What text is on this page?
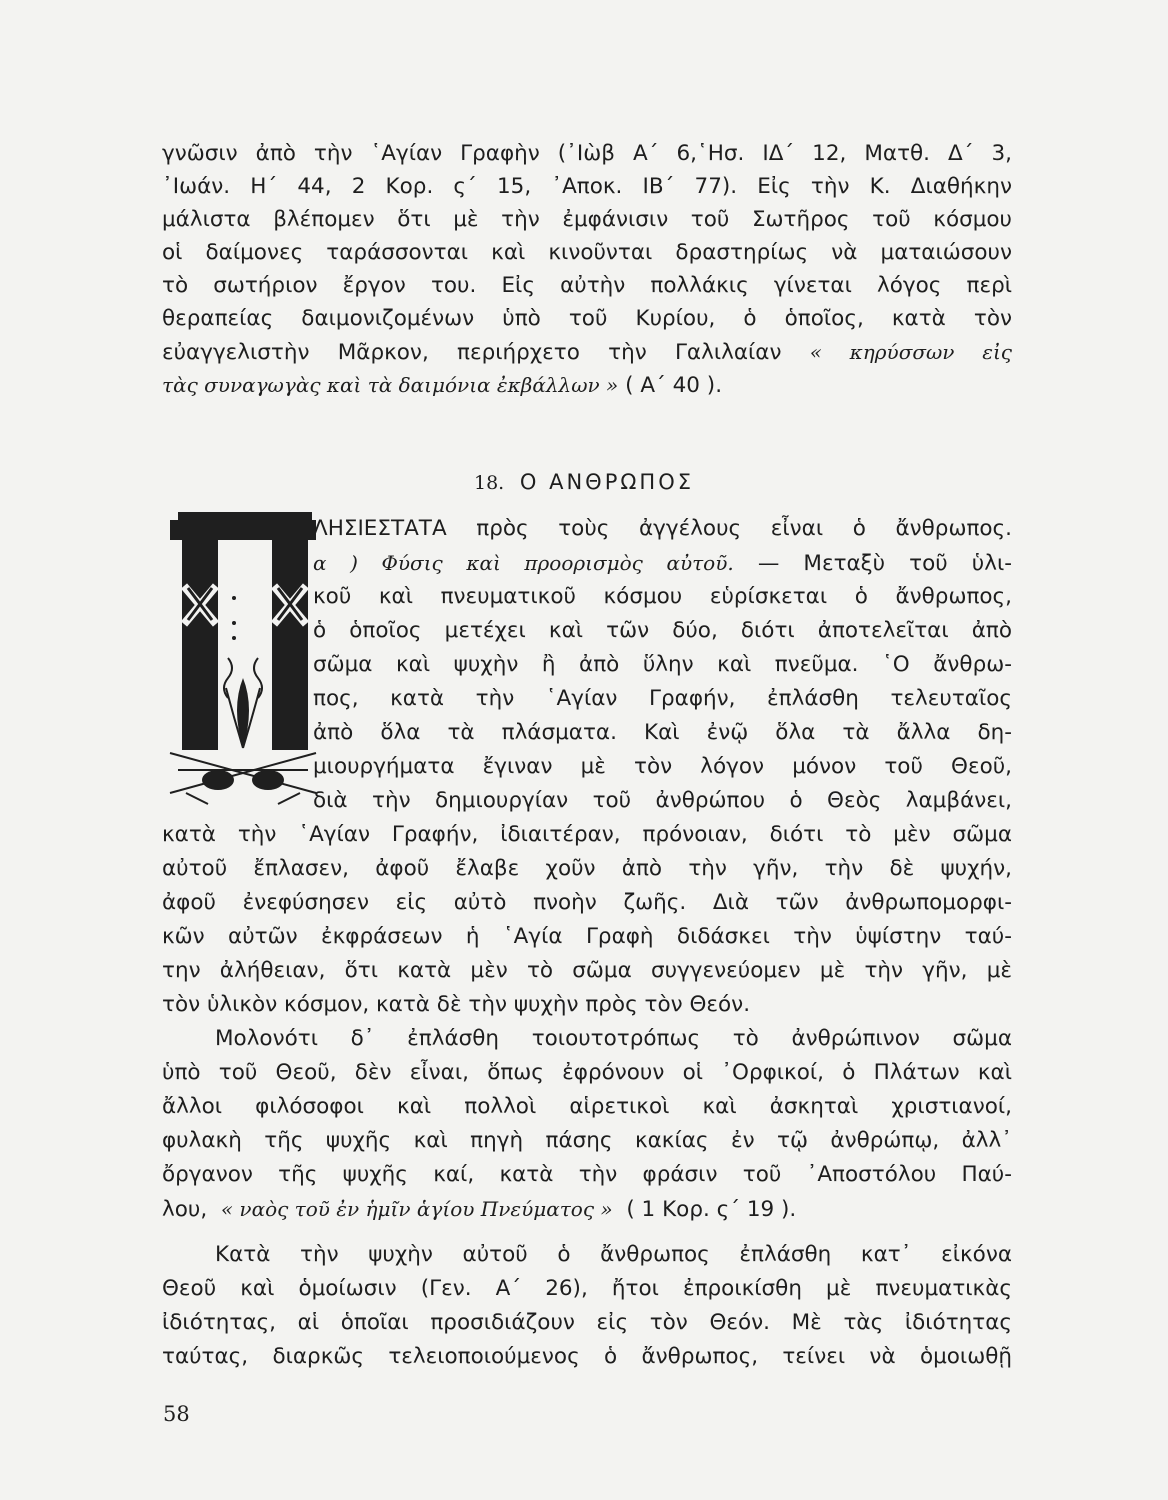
γνῶσιν ἀπὸ τὴν ῾Αγίαν Γραφὴν (᾿Ιὼβ Α΄ 6,῾Ησ. ΙΔ΄ 12, Ματθ. Δ΄ 3,
᾿Ιωάν. Η΄ 44, 2 Κορ. ς΄ 15, ᾿Αποκ. ΙΒ΄ 77). Εἰς τὴν Κ. Διαθήκην
μάλιστα βλέπομεν ὅτι μὲ τὴν ἐμφάνισιν τοῦ Σωτῆρος τοῦ κόσμου
οἱ δαίμονες ταράσσονται καὶ κινοῦνται δραστηρίως νὰ ματαιώσουν
τὸ σωτήριον ἔργον του. Εἰς αὐτὴν πολλάκις γίνεται λόγος περὶ
θεραπείας δαιμονιζομένων ὑπὸ τοῦ Κυρίου, ὁ ὁποῖος, κατὰ τὸν
εὐαγγελιστὴν Μᾶρκον, περιήρχετο τὴν Γαλιλαίαν « κηρύσσων εἰς
τὰς συναγωγὰς καὶ τὰ δαιμόνια ἐκβάλλων » ( Α΄ 40 ).
18. Ο ΑΝΘΡΩΠΟΣ
ΛΗΣΙΕΣΤΑΤΑ πρὸς τοὺς ἀγγέλους εἶναι ὁ ἄνθρωπος.
α ) Φύσις καὶ προορισμὸς αὐτοῦ. — Μεταξὺ τοῦ ὑλι-
κοῦ καὶ πνευματικοῦ κόσμου εὑρίσκεται ὁ ἄνθρωπος,
ὁ ὁποῖος μετέχει καὶ τῶν δύο, διότι ἀποτελεῖται ἀπὸ
σῶμα καὶ ψυχὴν ἢ ἀπὸ ὕλην καὶ πνεῦμα. ῾Ο ἄνθρω-
πος, κατὰ τὴν ῾Αγίαν Γραφήν, ἐπλάσθη τελευταῖος
ἀπὸ ὅλα τὰ πλάσματα. Καὶ ἐνῷ ὅλα τὰ ἄλλα δη-
μιουργήματα ἔγιναν μὲ τὸν λόγον μόνον τοῦ Θεοῦ,
διὰ τὴν δημιουργίαν τοῦ ἀνθρώπου ὁ Θεὸς λαμβάνει,
κατὰ τὴν ῾Αγίαν Γραφήν, ἰδιαιτέραν, πρόνοιαν, διότι τὸ μὲν σῶμα
αὐτοῦ ἔπλασεν, ἀφοῦ ἔλαβε χοῦν ἀπὸ τὴν γῆν, τὴν δὲ ψυχήν,
ἀφοῦ ἐνεφύσησεν εἰς αὐτὸ πνοὴν ζωῆς. Διὰ τῶν ἀνθρωπομορφι-
κῶν αὐτῶν ἐκφράσεων ἡ ῾Αγία Γραφὴ διδάσκει τὴν ὑψίστην ταύ-
την ἀλήθειαν, ὅτι κατὰ μὲν τὸ σῶμα συγγενεύομεν μὲ τὴν γῆν, μὲ
τὸν ὑλικὸν κόσμον, κατὰ δὲ τὴν ψυχὴν πρὸς τὸν Θεόν.
Μολονότι δ᾿ ἐπλάσθη τοιουτοτρόπως τὸ ἀνθρώπινον σῶμα
ὑπὸ τοῦ Θεοῦ, δὲν εἶναι, ὅπως ἐφρόνουν οἱ ᾿Ορφικοί, ὁ Πλάτων καὶ
ἄλλοι φιλόσοφοι καὶ πολλοὶ αἱρετικοὶ καὶ ἀσκηταὶ χριστιανοί,
φυλακὴ τῆς ψυχῆς καὶ πηγὴ πάσης κακίας ἐν τῷ ἀνθρώπῳ, ἀλλ᾿
ὄργανον τῆς ψυχῆς καί, κατὰ τὴν φράσιν τοῦ ᾿Αποστόλου Παύ-
λου, « ναὸς τοῦ ἐν ἡμῖν ἁγίου Πνεύματος » ( 1 Κορ. ς΄ 19 ).
Κατὰ τὴν ψυχὴν αὐτοῦ ὁ ἄνθρωπος ἐπλάσθη κατ᾿ εἰκόνα
Θεοῦ καὶ ὁμοίωσιν (Γεν. Α΄ 26), ἤτοι ἐπροικίσθη μὲ πνευματικὰς
ἰδιότητας, αἱ ὁποῖαι προσιδιάζουν εἰς τὸν Θεόν. Μὲ τὰς ἰδιότητας
ταύτας, διαρκῶς τελειοποιούμενος ὁ ἄνθρωπος, τείνει νὰ ὁμοιωθῇ
58
